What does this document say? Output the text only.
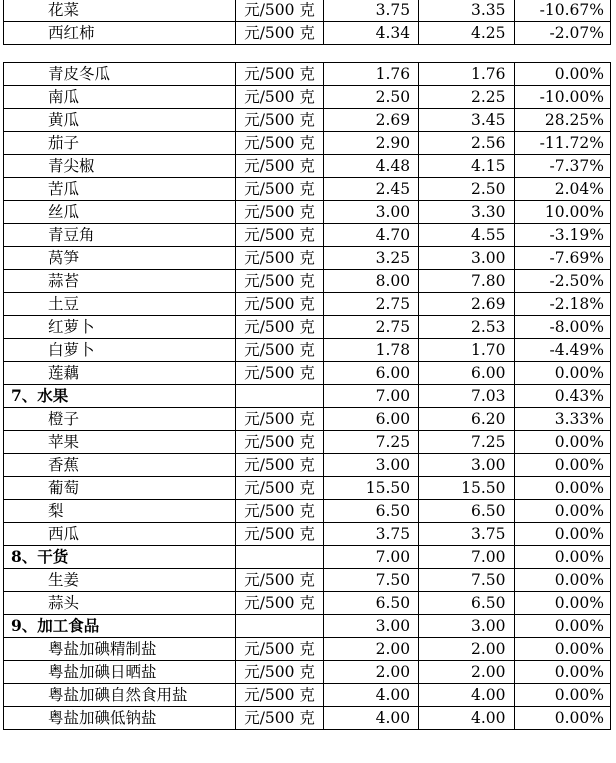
花菜	元/500 克	3.75	3.35	-10.67%
西红柿	元/500 克	4.34	4.25	-2.07%
青皮冬瓜	元/500 克	1.76	1.76	0.00%
南瓜	元/500 克	2.50	2.25	-10.00%
黄瓜	元/500 克	2.69	3.45	28.25%
茄子	元/500 克	2.90	2.56	-11.72%
青尖椒	元/500 克	4.48	4.15	-7.37%
苦瓜	元/500 克	2.45	2.50	2.04%
丝瓜	元/500 克	3.00	3.30	10.00%
青豆角	元/500 克	4.70	4.55	-3.19%
莴笋	元/500 克	3.25	3.00	-7.69%
蒜苔	元/500 克	8.00	7.80	-2.50%
土豆	元/500 克	2.75	2.69	-2.18%
红萝卜	元/500 克	2.75	2.53	-8.00%
白萝卜	元/500 克	1.78	1.70	-4.49%
莲藕	元/500 克	6.00	6.00	0.00%
7、水果		7.00	7.03	0.43%
橙子	元/500 克	6.00	6.20	3.33%
苹果	元/500 克	7.25	7.25	0.00%
香蕉	元/500 克	3.00	3.00	0.00%
葡萄	元/500 克	15.50	15.50	0.00%
梨	元/500 克	6.50	6.50	0.00%
西瓜	元/500 克	3.75	3.75	0.00%
8、干货		7.00	7.00	0.00%
生姜	元/500 克	7.50	7.50	0.00%
蒜头	元/500 克	6.50	6.50	0.00%
9、加工食品		3.00	3.00	0.00%
粤盐加碘精制盐	元/500 克	2.00	2.00	0.00%
粤盐加碘日晒盐	元/500 克	2.00	2.00	0.00%
粤盐加碘自然食用盐	元/500 克	4.00	4.00	0.00%
粤盐加碘低钠盐	元/500 克	4.00	4.00	0.00%
